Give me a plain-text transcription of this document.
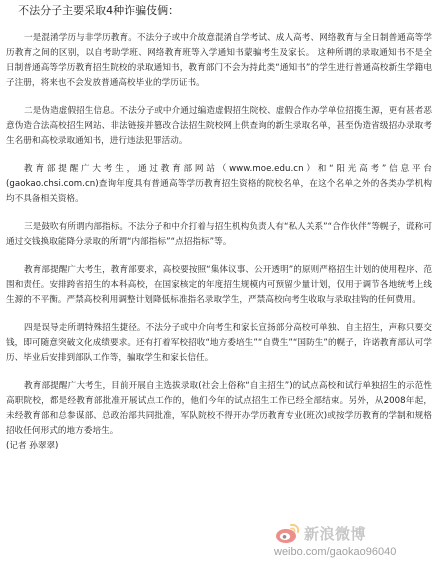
不法分子主要采取4种诈骗伎俩：
一是混淆学历与非学历教育。不法分子或中介故意混淆自学考试、成人高考、网络教育与全日制普通高等学历教育之间的区别，以自考助学班、网络教育班等入学通知书蒙骗考生及家长。 这种所谓的录取通知书不是全日制普通高等学历教育招生院校的录取通知书，教育部门不会为持此类“通知书”的学生进行普通高校新生学籍电子注册，将来也不会发放普通高校毕业的学历证书。
二是伪造虚假招生信息。不法分子或中介通过编造虚假招生院校、虚假合作办学单位招揽生源，更有甚者恶意伪造合法高校招生网站、非法链接并篡改合法招生院校网上供查询的新生录取名单，甚至伪造省级招办录取考生名册和高校录取通知书，进行违法犯罪活动。
教育部提醒广大考生，通过教育部网站（www.moe.edu.cn）和“阳光高考”信息平台(gaokao.chsi.com.cn)查询年度具有普通高等学历教育招生资格的院校名单，在这个名单之外的各类办学机构均不具备相关资格。
三是鼓吹有所谓内部指标。不法分子和中介打着与招生机构负责人有“私人关系”“合作伙伴”等幌子，谎称可通过交钱换取能降分录取的所谓“内部指标”“点招指标”等。
教育部提醒广大考生，教育部要求，高校要按照“集体议事、公开透明”的原则严格招生计划的使用程序、范围和责任。安排跨省招生的本科高校，在国家核定的年度招生规模内可预留少量计划，仅用于调节各地统考上线生源的不平衡。严禁高校利用调整计划降低标准指名录取学生，严禁高校向考生收取与录取挂钩的任何费用。
四是误导走所谓特殊招生捷径。不法分子或中介向考生和家长宣扬部分高校可单独、自主招生，声称只要交钱，即可随意突破文化成绩要求。还有打着军校招收“地方委培生”“自费生”“国防生”的幌子，许诺教育部认可学历、毕业后安排到部队工作等，骗取学生和家长信任。
教育部提醒广大考生，目前开展自主选拔录取(社会上俗称“自主招生”)的试点高校和试行单独招生的示范性高职院校，都是经教育部批准开展试点工作的，他们今年的试点招生工作已经全部结束。另外，从2008年起，未经教育部和总参谋部、总政治部共同批准，军队院校不得开办学历教育专业(班次)或按学历教育的学制和规格招收任何形式的地方委培生。
(记者 孙翠翠)
新浪微博
weibo.com/gaokao96040
